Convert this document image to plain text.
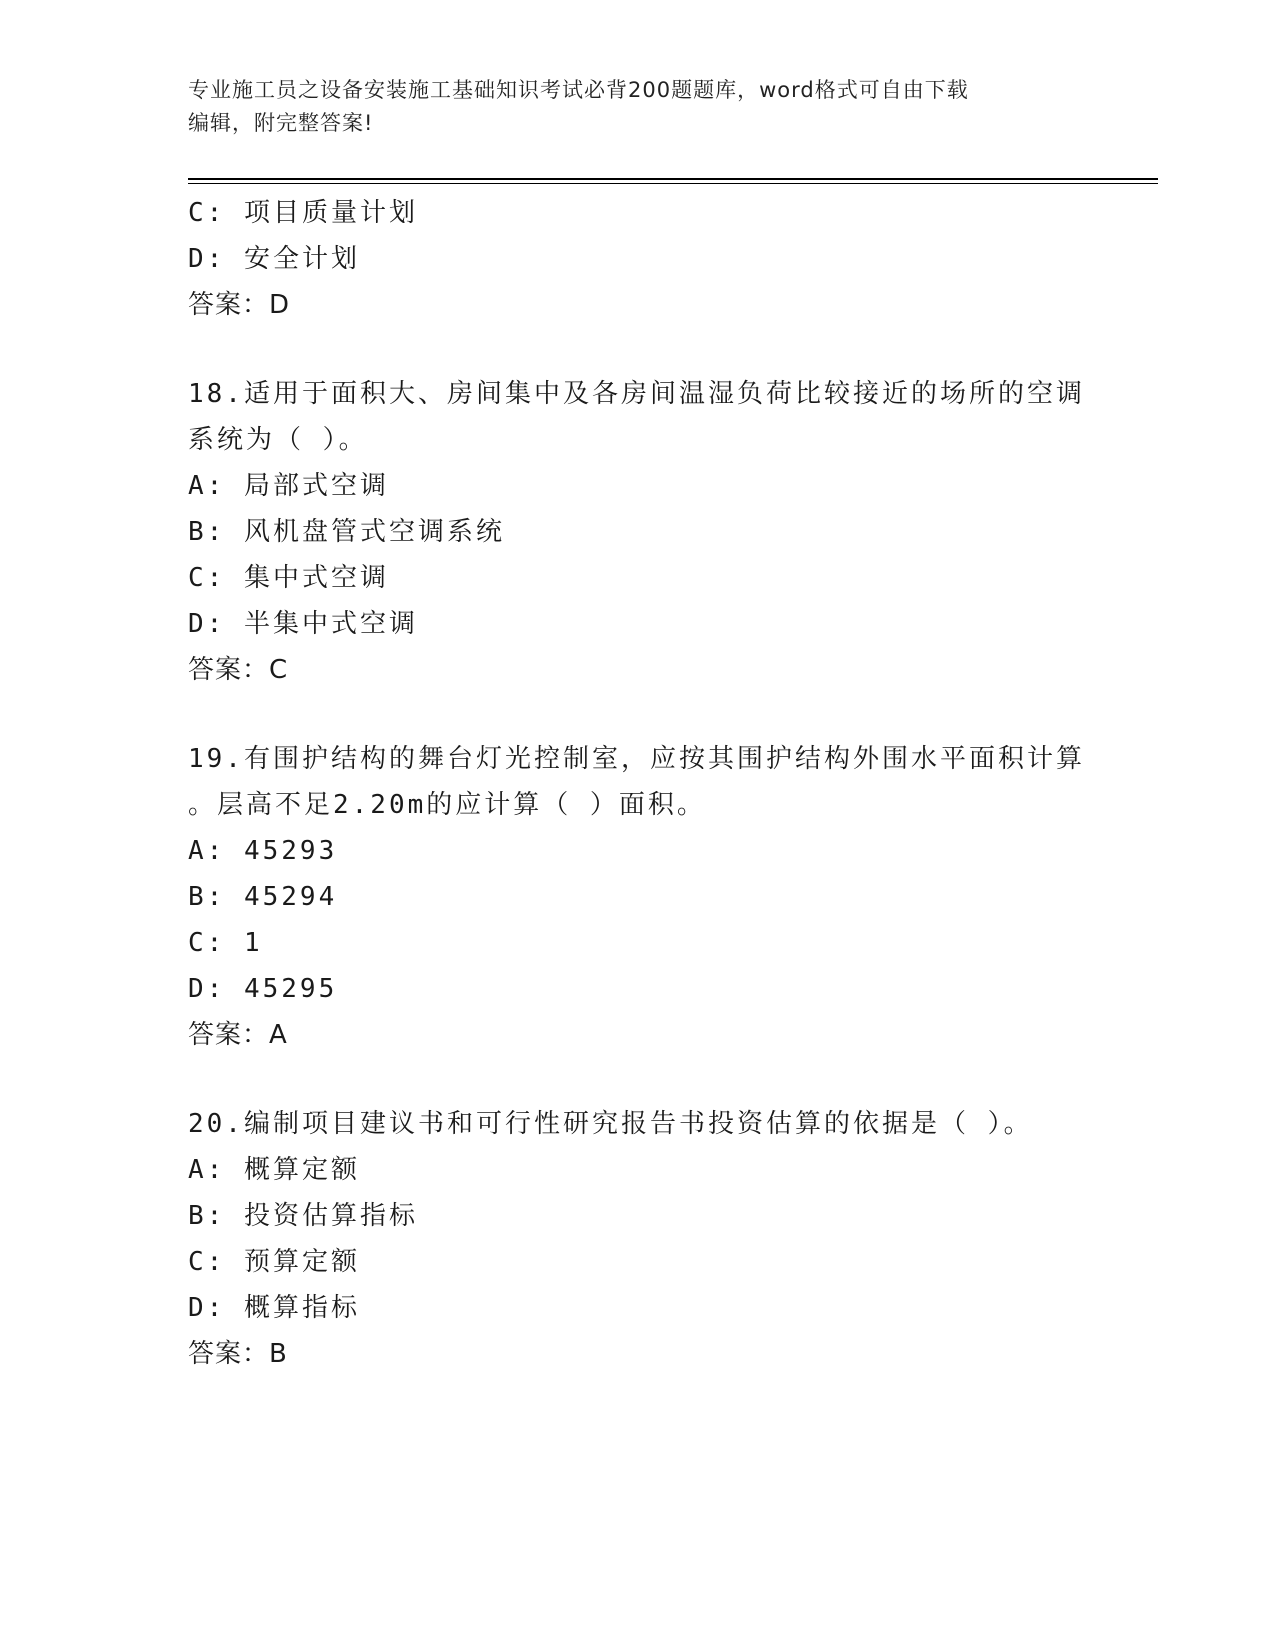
专业施工员之设备安装施工基础知识考试必背200题题库，word格式可自由下载
编辑，附完整答案!
C: 项目质量计划
D: 安全计划
答案：D
18.适用于面积大、房间集中及各房间温湿负荷比较接近的场所的空调
系统为（ ）。
A: 局部式空调
B: 风机盘管式空调系统
C: 集中式空调
D: 半集中式空调
答案：C
19.有围护结构的舞台灯光控制室，应按其围护结构外围水平面积计算
。层高不足2.20m的应计算（ ）面积。
A: 45293
B: 45294
C: 1
D: 45295
答案：A
20.编制项目建议书和可行性研究报告书投资估算的依据是（ ）。
A: 概算定额
B: 投资估算指标
C: 预算定额
D: 概算指标
答案：B
